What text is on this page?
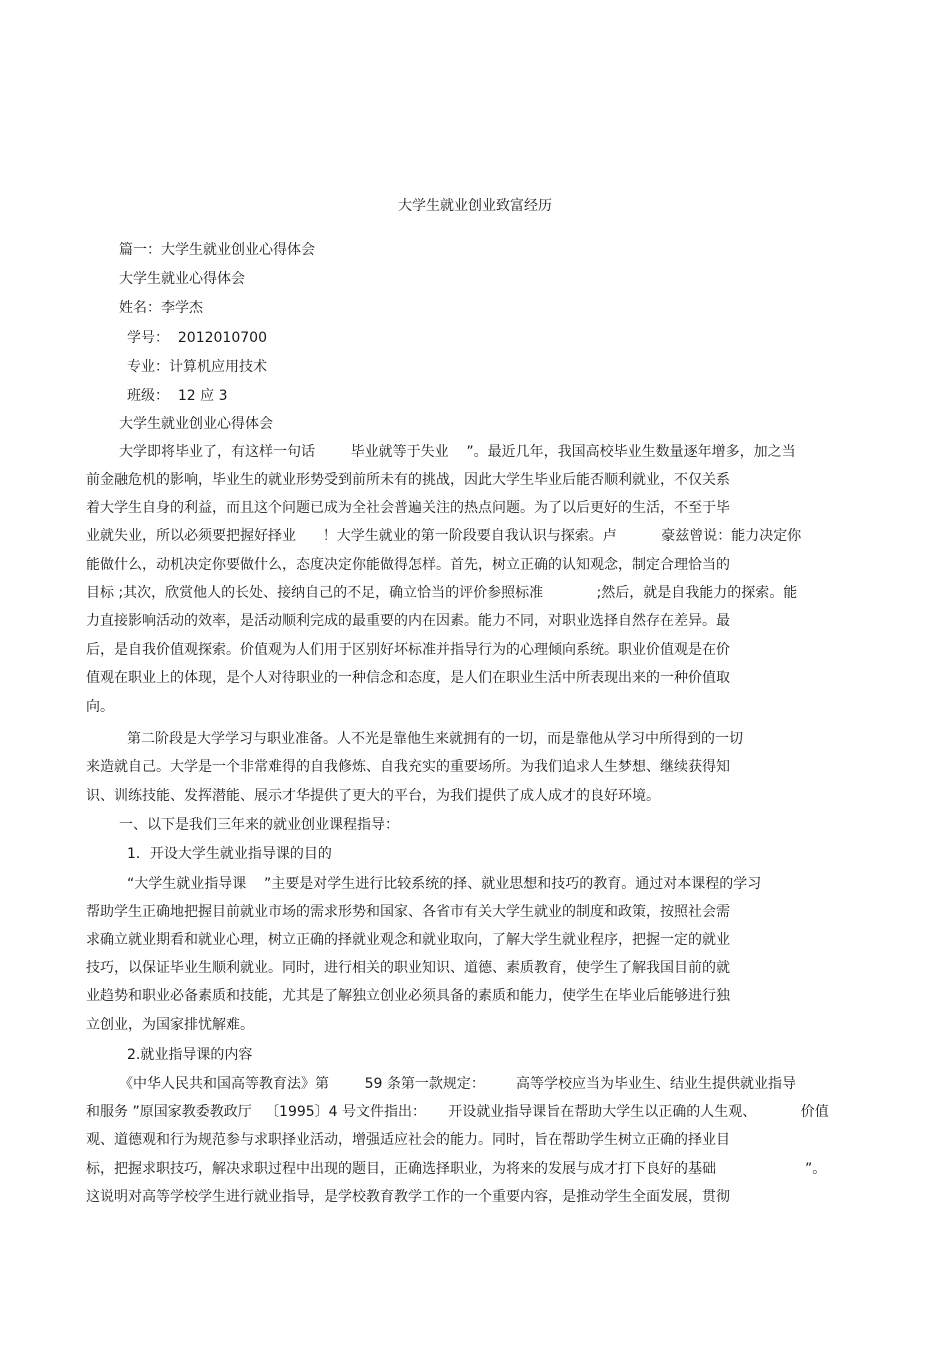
大学生就业创业致富经历
篇一：大学生就业创业心得体会
大学生就业心得体会
姓名：李学杰
学号：  2012010700
专业：计算机应用技术
班级：  12 应 3
大学生就业创业心得体会
大学即将毕业了，有这样一句话        毕业就等于失业    ”。最近几年，我国高校毕业生数量逐年增多，加之当
前金融危机的影响，毕业生的就业形势受到前所未有的挑战，因此大学生毕业后能否顺利就业，不仅关系
着大学生自身的利益，而且这个问题已成为全社会普遍关注的热点问题。为了以后更好的生活，不至于毕
业就失业，所以必须要把握好择业      ！大学生就业的第一阶段要自我认识与探索。卢          豪兹曾说：能力决定你
能做什么，动机决定你要做什么，态度决定你能做得怎样。首先，树立正确的认知观念，制定合理恰当的
目标 ;其次，欣赏他人的长处、接纳自己的不足，确立恰当的评价参照标准            ;然后，就是自我能力的探索。能
力直接影响活动的效率，是活动顺利完成的最重要的内在因素。能力不同，对职业选择自然存在差异。最
后，是自我价值观探索。价值观为人们用于区别好坏标准并指导行为的心理倾向系统。职业价值观是在价
值观在职业上的体现，是个人对待职业的一种信念和态度，是人们在职业生活中所表现出来的一种价值取
向。
第二阶段是大学学习与职业准备。人不光是靠他生来就拥有的一切，而是靠他从学习中所得到的一切
来造就自己。大学是一个非常难得的自我修炼、自我充实的重要场所。为我们追求人生梦想、继续获得知
识、训练技能、发挥潜能、展示才华提供了更大的平台，为我们提供了成人成才的良好环境。
一、以下是我们三年来的就业创业课程指导：
1．开设大学生就业指导课的目的
“大学生就业指导课    ”主要是对学生进行比较系统的择、就业思想和技巧的教育。通过对本课程的学习
帮助学生正确地把握目前就业市场的需求形势和国家、各省市有关大学生就业的制度和政策，按照社会需
求确立就业期看和就业心理，树立正确的择就业观念和就业取向，了解大学生就业程序，把握一定的就业
技巧，以保证毕业生顺利就业。同时，进行相关的职业知识、道德、素质教育，使学生了解我国目前的就
业趋势和职业必备素质和技能，尤其是了解独立创业必须具备的素质和能力，使学生在毕业后能够进行独
立创业，为国家排忧解难。
2.就业指导课的内容
《中华人民共和国高等教育法》第        59 条第一款规定：       高等学校应当为毕业生、结业生提供就业指导
和服务 ”原国家教委教政厅   〔1995〕4 号文件指出：     开设就业指导课旨在帮助大学生以正确的人生观、          价值
观、道德观和行为规范参与求职择业活动，增强适应社会的能力。同时，旨在帮助学生树立正确的择业目
标，把握求职技巧，解决求职过程中出现的题目，正确选择职业，为将来的发展与成才打下良好的基础                    ”。
这说明对高等学校学生进行就业指导，是学校教育教学工作的一个重要内容，是推动学生全面发展，贯彻
